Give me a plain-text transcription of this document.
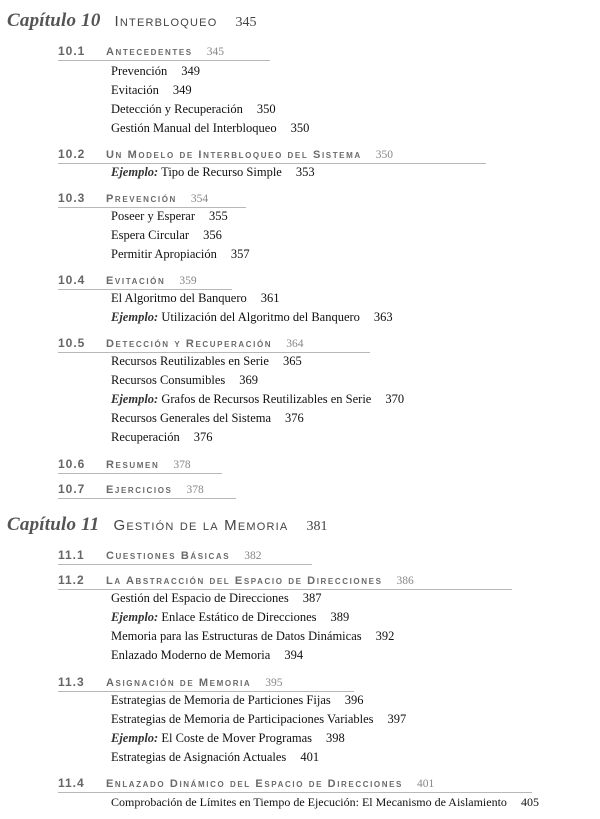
Capítulo 10 Interbloqueo 345
10.1 Antecedentes 345
Prevención 349
Evitación 349
Detección y Recuperación 350
Gestión Manual del Interbloqueo 350
10.2 Un Modelo de Interbloqueo del Sistema 350
Ejemplo: Tipo de Recurso Simple 353
10.3 Prevención 354
Poseer y Esperar 355
Espera Circular 356
Permitir Apropiación 357
10.4 Evitación 359
El Algoritmo del Banquero 361
Ejemplo: Utilización del Algoritmo del Banquero 363
10.5 Detección y Recuperación 364
Recursos Reutilizables en Serie 365
Recursos Consumibles 369
Ejemplo: Grafos de Recursos Reutilizables en Serie 370
Recursos Generales del Sistema 376
Recuperación 376
10.6 Resumen 378
10.7 Ejercicios 378
Capítulo 11 Gestión de la Memoria 381
11.1 Cuestiones Básicas 382
11.2 La Abstracción del Espacio de Direcciones 386
Gestión del Espacio de Direcciones 387
Ejemplo: Enlace Estático de Direcciones 389
Memoria para las Estructuras de Datos Dinámicas 392
Enlazado Moderno de Memoria 394
11.3 Asignación de Memoria 395
Estrategias de Memoria de Particiones Fijas 396
Estrategias de Memoria de Participaciones Variables 397
Ejemplo: El Coste de Mover Programas 398
Estrategias de Asignación Actuales 401
11.4 Enlazado Dinámico del Espacio de Direcciones 401
Comprobación de Límites en Tiempo de Ejecución: El Mecanismo de Aislamiento 405
